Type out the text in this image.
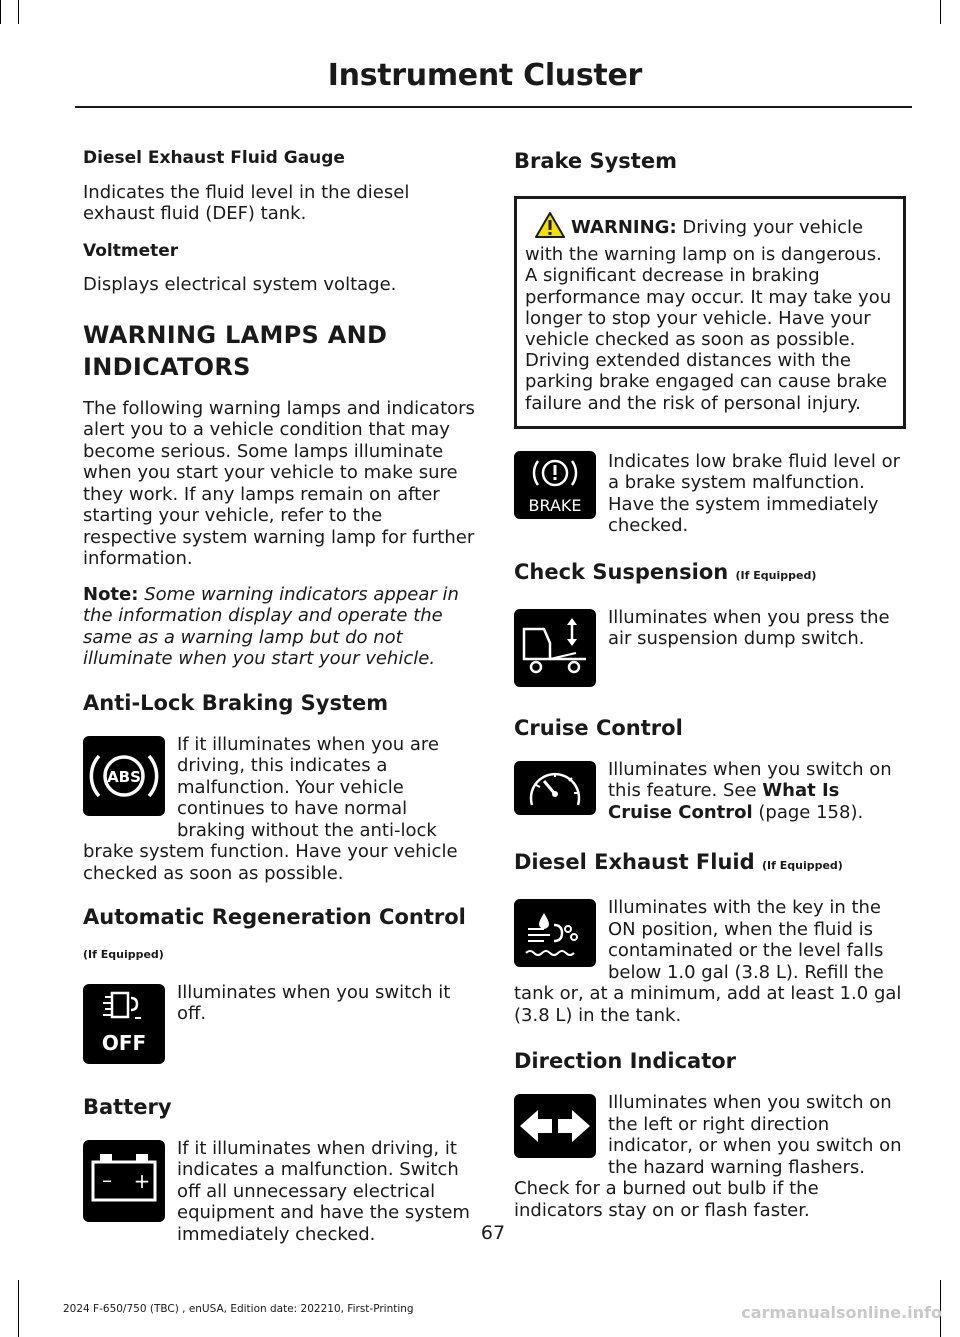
Instrument Cluster

Diesel Exhaust Fluid Gauge

Indicates the fluid level in the diesel exhaust fluid (DEF) tank.

Voltmeter

Displays electrical system voltage.

WARNING LAMPS AND
INDICATORS

The following warning lamps and indicators alert you to a vehicle condition that may become serious. Some lamps illuminate when you start your vehicle to make sure they work. If any lamps remain on after starting your vehicle, refer to the respective system warning lamp for further information.

Note: Some warning indicators appear in the information display and operate the same as a warning lamp but do not illuminate when you start your vehicle.

Anti-Lock Braking System

ABS

If it illuminates when you are driving, this indicates a malfunction. Your vehicle continues to have normal braking without the anti-lock brake system function. Have your vehicle checked as soon as possible.

Automatic Regeneration Control

(If Equipped)

OFF

Illuminates when you switch it off.

Battery

– +

If it illuminates when driving, it indicates a malfunction. Switch off all unnecessary electrical equipment and have the system immediately checked.

Brake System

WARNING: Driving your vehicle with the warning lamp on is dangerous. A significant decrease in braking performance may occur. It may take you longer to stop your vehicle. Have your vehicle checked as soon as possible. Driving extended distances with the parking brake engaged can cause brake failure and the risk of personal injury.

BRAKE

Indicates low brake fluid level or a brake system malfunction. Have the system immediately checked.

Check Suspension (If Equipped)

Illuminates when you press the air suspension dump switch.

Cruise Control

Illuminates when you switch on this feature. See What Is Cruise Control (page 158).

Diesel Exhaust Fluid (If Equipped)

Illuminates with the key in the ON position, when the fluid is contaminated or the level falls below 1.0 gal (3.8 L). Refill the tank or, at a minimum, add at least 1.0 gal (3.8 L) in the tank.

Direction Indicator

Illuminates when you switch on the left or right direction indicator, or when you switch on the hazard warning flashers. Check for a burned out bulb if the indicators stay on or flash faster.

67
2024 F-650/750 (TBC) , enUSA, Edition date: 202210, First-Printing	carmanualsonline.info
